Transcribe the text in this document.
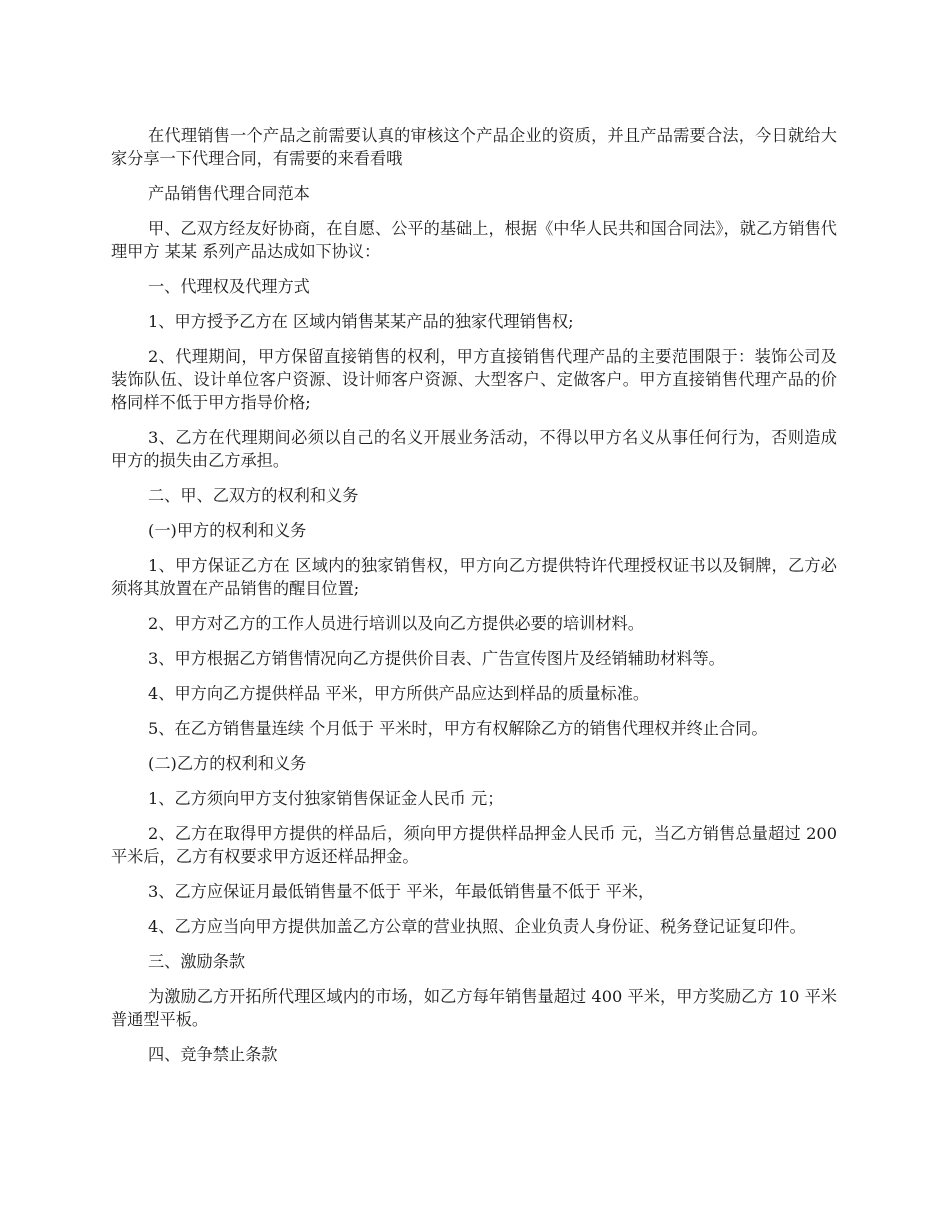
在代理销售一个产品之前需要认真的审核这个产品企业的资质，并且产品需要合法，今日就给大家分享一下代理合同，有需要的来看看哦

产品销售代理合同范本

甲、乙双方经友好协商，在自愿、公平的基础上，根据《中华人民共和国合同法》，就乙方销售代理甲方 某某 系列产品达成如下协议：

一、代理权及代理方式

1、甲方授予乙方在 区域内销售某某产品的独家代理销售权;

2、代理期间，甲方保留直接销售的权利，甲方直接销售代理产品的主要范围限于：装饰公司及装饰队伍、设计单位客户资源、设计师客户资源、大型客户、定做客户。甲方直接销售代理产品的价格同样不低于甲方指导价格;

3、乙方在代理期间必须以自己的名义开展业务活动，不得以甲方名义从事任何行为，否则造成甲方的损失由乙方承担。

二、甲、乙双方的权利和义务

(一)甲方的权利和义务

1、甲方保证乙方在 区域内的独家销售权，甲方向乙方提供特许代理授权证书以及铜牌，乙方必须将其放置在产品销售的醒目位置;

2、甲方对乙方的工作人员进行培训以及向乙方提供必要的培训材料。

3、甲方根据乙方销售情况向乙方提供价目表、广告宣传图片及经销辅助材料等。

4、甲方向乙方提供样品 平米，甲方所供产品应达到样品的质量标准。

5、在乙方销售量连续 个月低于 平米时，甲方有权解除乙方的销售代理权并终止合同。

(二)乙方的权利和义务

1、乙方须向甲方支付独家销售保证金人民币 元；

2、乙方在取得甲方提供的样品后，须向甲方提供样品押金人民币 元，当乙方销售总量超过 200 平米后，乙方有权要求甲方返还样品押金。

3、乙方应保证月最低销售量不低于 平米，年最低销售量不低于 平米，

4、乙方应当向甲方提供加盖乙方公章的营业执照、企业负责人身份证、税务登记证复印件。

三、激励条款

为激励乙方开拓所代理区域内的市场，如乙方每年销售量超过 400 平米，甲方奖励乙方 10 平米普通型平板。

四、竞争禁止条款
